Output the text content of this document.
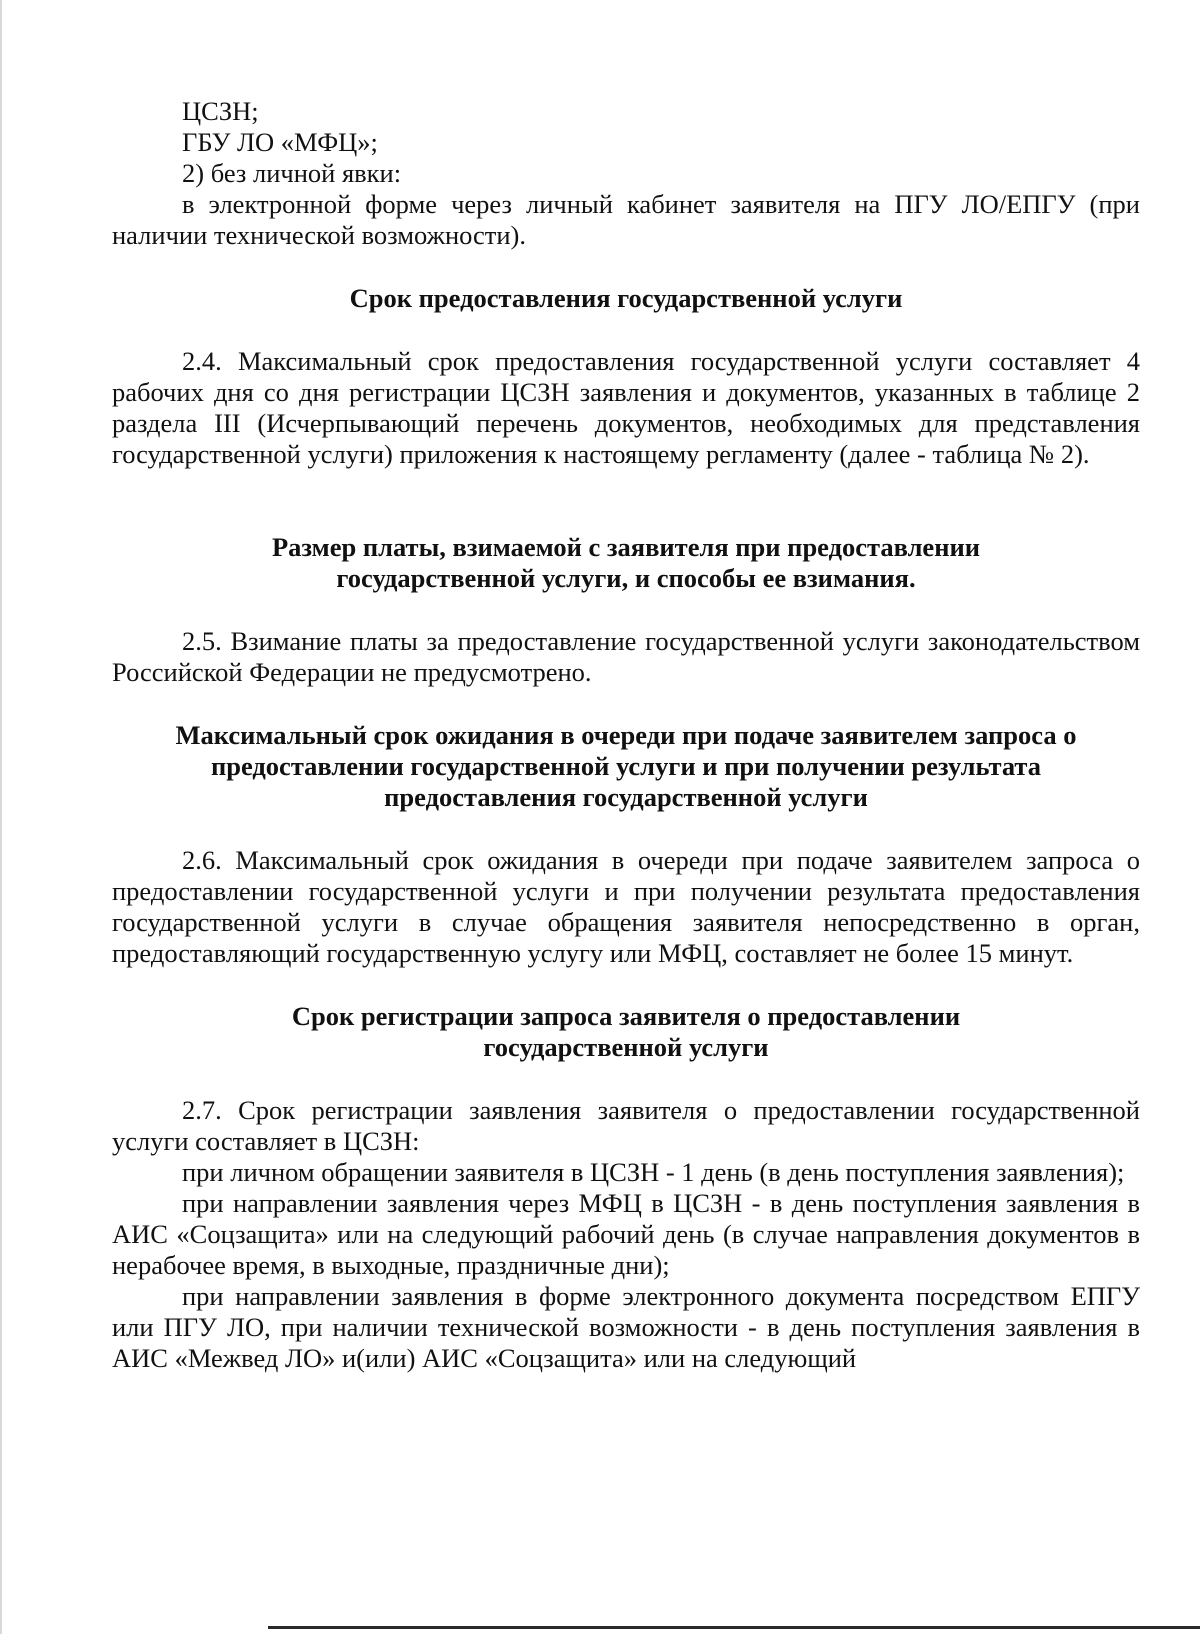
ЦСЗН;

ГБУ ЛО «МФЦ»;

2) без личной явки:

в электронной форме через личный кабинет заявителя на ПГУ ЛО/ЕПГУ (при наличии технической возможности).

Срок предоставления государственной услуги

2.4. Максимальный срок предоставления государственной услуги составляет 4 рабочих дня со дня регистрации ЦСЗН заявления и документов, указанных в таблице 2 раздела III (Исчерпывающий перечень документов, необходимых для представления государственной услуги) приложения к настоящему регламенту (далее - таблица № 2).

Размер платы, взимаемой с заявителя при предоставлении

государственной услуги, и способы ее взимания.

2.5. Взимание платы за предоставление государственной услуги законодательством Российской Федерации не предусмотрено.

Максимальный срок ожидания в очереди при подаче заявителем запроса о

предоставлении государственной услуги и при получении результата

предоставления государственной услуги

2.6. Максимальный срок ожидания в очереди при подаче заявителем запроса о предоставлении государственной услуги и при получении результата предоставления государственной услуги в случае обращения заявителя непосредственно в орган, предоставляющий государственную услугу или МФЦ, составляет не более 15 минут.

Срок регистрации запроса заявителя о предоставлении

государственной услуги

2.7. Срок регистрации заявления заявителя о предоставлении государственной услуги составляет в ЦСЗН:

при личном обращении заявителя в ЦСЗН - 1 день (в день поступления заявления);

при направлении заявления через МФЦ в ЦСЗН - в день поступления заявления в АИС «Соцзащита» или на следующий рабочий день (в случае направления документов в нерабочее время, в выходные, праздничные дни);

при направлении заявления в форме электронного документа посредством ЕПГУ или ПГУ ЛО, при наличии технической возможности - в день поступления заявления в АИС «Межвед ЛО» и(или) АИС «Соцзащита» или на следующий
